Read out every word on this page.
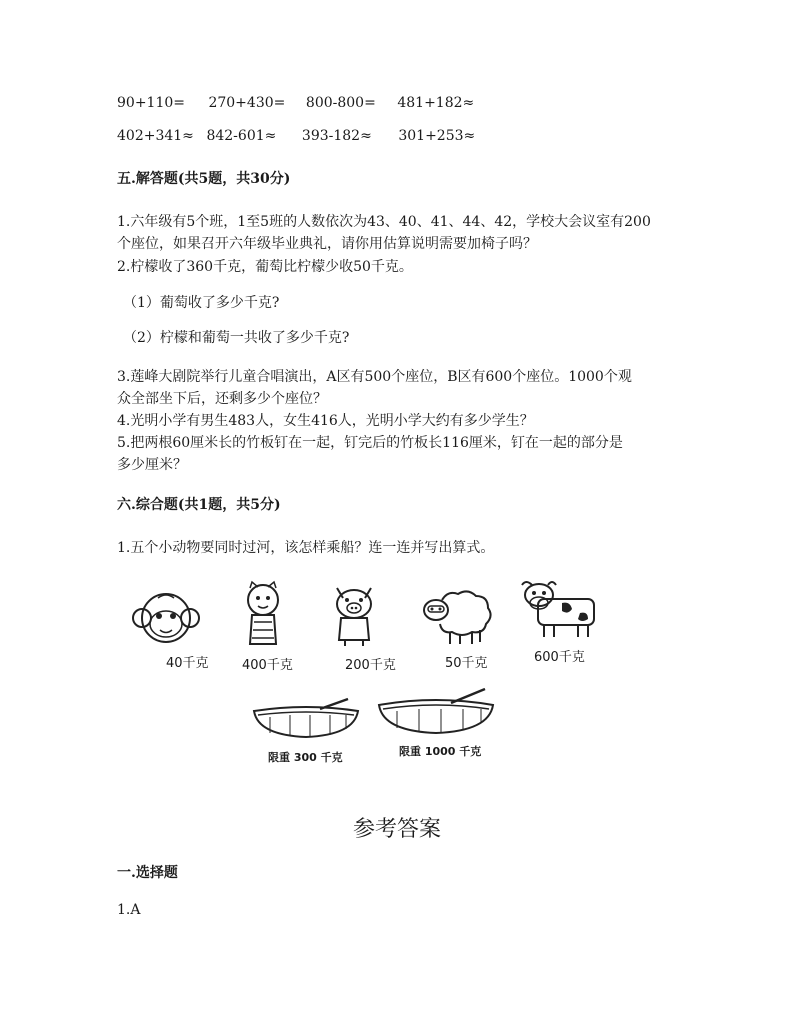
90+110= 270+430= 800-800= 481+182≈
402+341≈ 842-601≈ 393-182≈ 301+253≈
五.解答题(共5题，共30分)
1.六年级有5个班，1至5班的人数依次为43、40、41、44、42，学校大会议室有200
个座位，如果召开六年级毕业典礼，请你用估算说明需要加椅子吗？
2.柠檬收了360千克，葡萄比柠檬少收50千克。
（1）葡萄收了多少千克?
（2）柠檬和葡萄一共收了多少千克?
3.莲峰大剧院举行儿童合唱演出，A区有500个座位，B区有600个座位。1000个观
众全部坐下后，还剩多少个座位？
4.光明小学有男生483人，女生416人，光明小学大约有多少学生？
5.把两根60厘米长的竹板钉在一起，钉完后的竹板长116厘米，钉在一起的部分是
多少厘米？
六.综合题(共1题，共5分)
1.五个小动物要同时过河，该怎样乘船？连一连并写出算式。
40千克	400千克	200千克	50千克	600千克
限重 300 千克	限重 1000 千克
参考答案
一.选择题
1.A
